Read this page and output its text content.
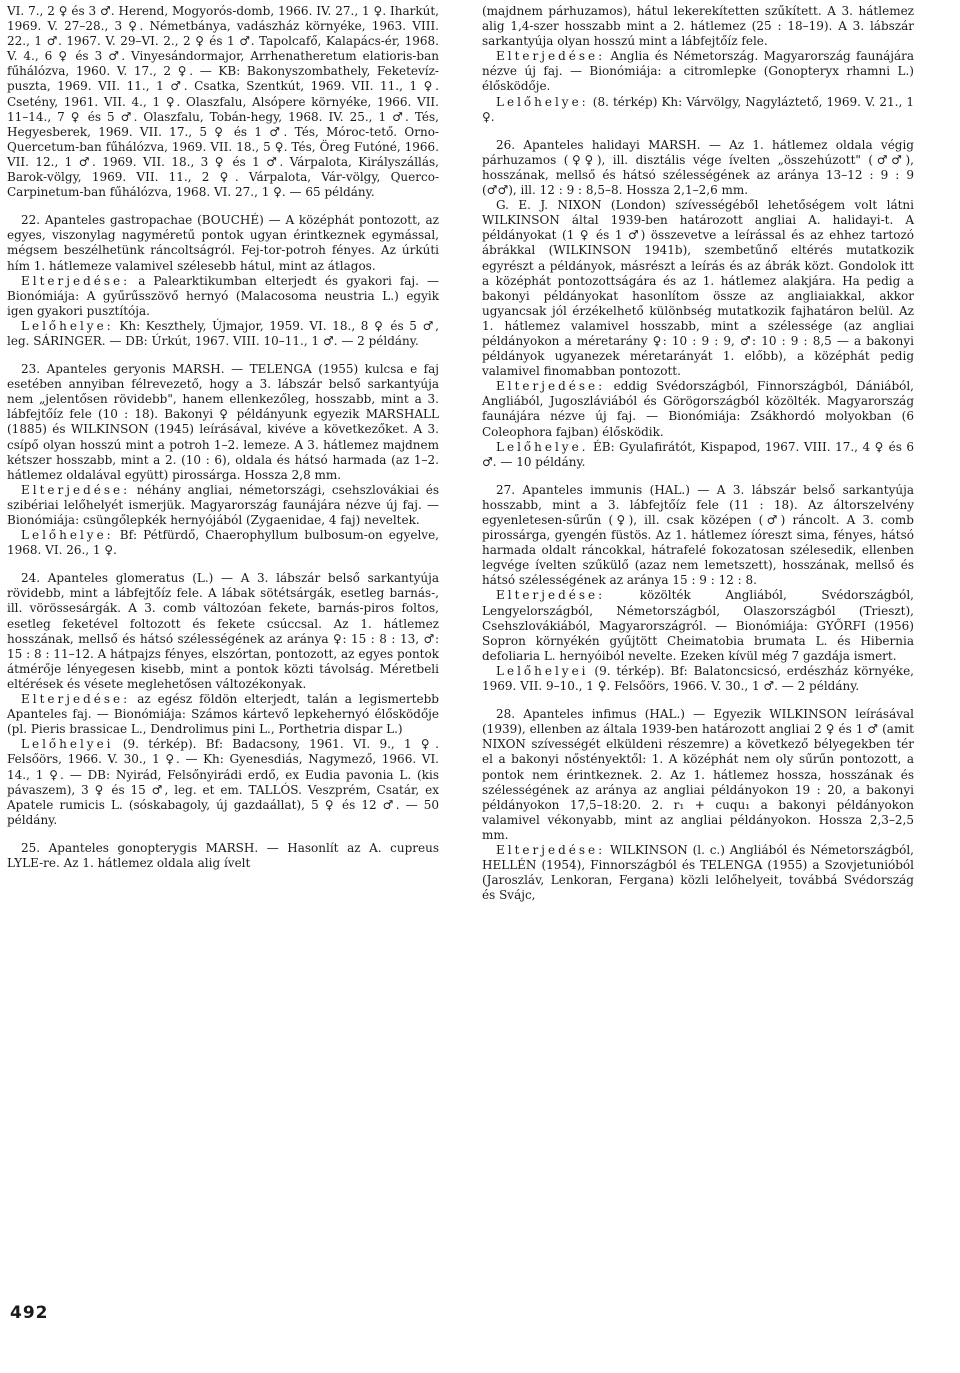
VI. 7., 2 ♀ és 3 ♂. Herend, Mogyorós-domb, 1966. IV. 27., 1 ♀. Iharkút, 1969. V. 27–28., 3 ♀. Németbánya, vadászház környéke, 1963. VIII. 22., 1 ♂. 1967. V. 29–VI. 2., 2 ♀ és 1 ♂. Tapolcafő, Kalapács-ér, 1968. V. 4., 6 ♀ és 3 ♂. Vinyesándormajor, Arrhenatheretum elatioris-ban fűhálózva, 1960. V. 17., 2 ♀. — KB: Bakonyszombathely, Feketevíz-puszta, 1969. VII. 11., 1 ♂. Csatka, Szentkút, 1969. VII. 11., 1 ♀. Csetény, 1961. VII. 4., 1 ♀. Olaszfalu, Alsópere környéke, 1966. VII. 11–14., 7 ♀ és 5 ♂. Olaszfalu, Tobán-hegy, 1968. IV. 25., 1 ♂. Tés, Hegyesberek, 1969. VII. 17., 5 ♀ és 1 ♂. Tés, Móroc-tető. Orno-Quercetum-ban fűhálózva, 1969. VII. 18., 5 ♀. Tés, Öreg Futóné, 1966. VII. 12., 1 ♂. 1969. VII. 18., 3 ♀ és 1 ♂. Várpalota, Királyszállás, Barok-völgy, 1969. VII. 11., 2 ♀. Várpalota, Vár-völgy, Querco-Carpinetum-ban fűhálózva, 1968. VI. 27., 1 ♀. — 65 példány.

22. Apanteles gastropachae (BOUCHÉ) — A középhát pontozott, az egyes, viszonylag nagyméretű pontok ugyan érintkeznek egymással, mégsem beszélhetünk ráncoltságról. Fej-tor-potroh fényes. Az úrkúti hím 1. hátlemeze valamivel szélesebb hátul, mint az átlagos.

Elterjedése: a Palearktikumban elterjedt és gyakori faj. — Bionómiája: A gyűrűsszövő hernyó (Malacosoma neustria L.) egyik igen gyakori pusztítója.

Lelőhelye: Kh: Keszthely, Újmajor, 1959. VI. 18., 8 ♀ és 5 ♂, leg. SÁRINGER. — DB: Úrkút, 1967. VIII. 10–11., 1 ♂. — 2 példány.

23. Apanteles geryonis MARSH. — TELENGA (1955) kulcsa e faj esetében annyiban félrevezető, hogy a 3. lábszár belső sarkantyúja nem „jelentősen rövidebb", hanem ellenkezőleg, hosszabb, mint a 3. lábfejtőíz fele (10 : 18). Bakonyi ♀ példányunk egyezik MARSHALL (1885) és WILKINSON (1945) leírásával, kivéve a következőket. A 3. csípő olyan hosszú mint a potroh 1–2. lemeze. A 3. hátlemez majdnem kétszer hosszabb, mint a 2. (10 : 6), oldala és hátsó harmada (az 1–2. hátlemez oldalával együtt) pirossárga. Hossza 2,8 mm.

Elterjedése: néhány angliai, németországi, csehszlovákiai és szibériai lelőhelyét ismerjük. Magyarország faunájára nézve új faj. — Bionómiája: csüngőlepkék hernyójából (Zygaenidae, 4 faj) neveltek.

Lelőhelye: Bf: Pétfürdő, Chaerophyllum bulbosum-on egyelve, 1968. VI. 26., 1 ♀.

24. Apanteles glomeratus (L.) — A 3. lábszár belső sarkantyúja rövidebb, mint a lábfejtőíz fele. A lábak sötétsárgák, esetleg barnás-, ill. vörössesárgák. A 3. comb változóan fekete, barnás-piros foltos, esetleg feketével foltozott és fekete csúccsal. Az 1. hátlemez hosszának, mellső és hátsó szélességének az aránya ♀: 15 : 8 : 13, ♂: 15 : 8 : 11–12. A hátpajzs fényes, elszórtan, pontozott, az egyes pontok átmérője lényegesen kisebb, mint a pontok közti távolság. Méretbeli eltérések és vésete meglehetősen változékonyak.

Elterjedése: az egész földön elterjedt, talán a legismertebb Apanteles faj. — Bionómiája: Számos kártevő lepkehernyó élősködője (pl. Pieris brassicae L., Dendrolimus pini L., Porthetria dispar L.)

Lelőhelyei (9. térkép). Bf: Badacsony, 1961. VI. 9., 1 ♀. Felsőörs, 1966. V. 30., 1 ♀. — Kh: Gyenesdiás, Nagymező, 1966. VI. 14., 1 ♀. — DB: Nyirád, Felsőnyirádi erdő, ex Eudia pavonia L. (kis pávaszem), 3 ♀ és 15 ♂, leg. et em. TALLÓS. Veszprém, Csatár, ex Apatele rumicis L. (sóskabagoly, új gazdaállat), 5 ♀ és 12 ♂. — 50 példány.

25. Apanteles gonopterygis MARSH. — Hasonlít az A. cupreus LYLE-re. Az 1. hátlemez oldala alig ívelt

(majdnem párhuzamos), hátul lekerekítetten szűkített. A 3. hátlemez alig 1,4-szer hosszabb mint a 2. hátlemez (25 : 18–19). A 3. lábszár sarkantyúja olyan hosszú mint a lábfejtőíz fele.

Elterjedése: Anglia és Németország. Magyarország faunájára nézve új faj. — Bionómiája: a citromlepke (Gonopteryx rhamni L.) élősködője.

Lelőhelye: (8. térkép) Kh: Várvölgy, Nagyláztető, 1969. V. 21., 1 ♀.

26. Apanteles halidayi MARSH. — Az 1. hátlemez oldala végig párhuzamos (♀♀), ill. disztális vége ívelten „összehúzott" (♂♂), hosszának, mellső és hátsó szélességének az aránya 13–12 : 9 : 9 (♂♂), ill. 12 : 9 : 8,5–8. Hossza 2,1–2,6 mm.

G. E. J. NIXON (London) szívességéből lehetőségem volt látni WILKINSON által 1939-ben határozott angliai A. halidayi-t. A példányokat (1 ♀ és 1 ♂) összevetve a leírással és az ehhez tartozó ábrákkal (WILKINSON 1941b), szembetűnő eltérés mutatkozik egyrészt a példányok, másrészt a leírás és az ábrák közt. Gondolok itt a középhát pontozottságára és az 1. hátlemez alakjára. Ha pedig a bakonyi példányokat hasonlítom össze az angliaiakkal, akkor ugyancsak jól érzékelhető különbség mutatkozik fajhatáron belül. Az 1. hátlemez valamivel hosszabb, mint a szélessége (az angliai példányokon a méretarány ♀: 10 : 9 : 9, ♂: 10 : 9 : 8,5 — a bakonyi példányok ugyanezek méretarányát 1. előbb), a középhát pedig valamivel finomabban pontozott.

Elterjedése: eddig Svédországból, Finnországból, Dániából, Angliából, Jugoszláviából és Görögországból közölték. Magyarország faunájára nézve új faj. — Bionómiája: Zsákhordó molyokban (6 Coleophora fajban) élősködik.

Lelőhelye. ÉB: Gyulafirátót, Kispapod, 1967. VIII. 17., 4 ♀ és 6 ♂. — 10 példány.

27. Apanteles immunis (HAL.) — A 3. lábszár belső sarkantyúja hosszabb, mint a 3. lábfejtőíz fele (11 : 18). Az áltorszelvény egyenletesen-sűrűn (♀), ill. csak középen (♂) ráncolt. A 3. comb pirossárga, gyengén füstös. Az 1. hátlemez íóreszt sima, fényes, hátsó harmada oldalt ráncokkal, hátrafelé fokozatosan szélesedik, ellenben legvége ívelten szűkülő (azaz nem lemetszett), hosszának, mellső és hátsó szélességének az aránya 15 : 9 : 12 : 8.

Elterjedése: közölték Angliából, Svédországból, Lengyelországból, Németországból, Olaszországból (Trieszt), Csehszlovákiából, Magyarországról. — Bionómiája: GYŐRFI (1956) Sopron környékén gyűjtött Cheimatobia brumata L. és Hibernia defoliaria L. hernyóiból nevelte. Ezeken kívül még 7 gazdája ismert.

Lelőhelyei (9. térkép). Bf: Balatoncsicsó, erdészház környéke, 1969. VII. 9–10., 1 ♀. Felsőörs, 1966. V. 30., 1 ♂. — 2 példány.

28. Apanteles infimus (HAL.) — Egyezik WILKINSON leírásával (1939), ellenben az általa 1939-ben határozott angliai 2 ♀ és 1 ♂ (amit NIXON szívességét elküldeni részemre) a következő bélyegekben tér el a bakonyi nőstényektől: 1. A középhát nem oly sűrűn pontozott, a pontok nem érintkeznek. 2. Az 1. hátlemez hossza, hosszának és szélességének az aránya az angliai példányokon 19 : 20, a bakonyi példányokon 17,5–18:20. 2. r₁ + cuqu₁ a bakonyi példányokon valamivel vékonyabb, mint az angliai példányokon. Hossza 2,3–2,5 mm.

Elterjedése: WILKINSON (l. c.) Angliából és Németországból, HELLÉN (1954), Finnországból és TELENGA (1955) a Szovjetunióból (Jaroszláv, Lenkoran, Fergana) közli lelőhelyeit, továbbá Svédország és Svájc,

492
